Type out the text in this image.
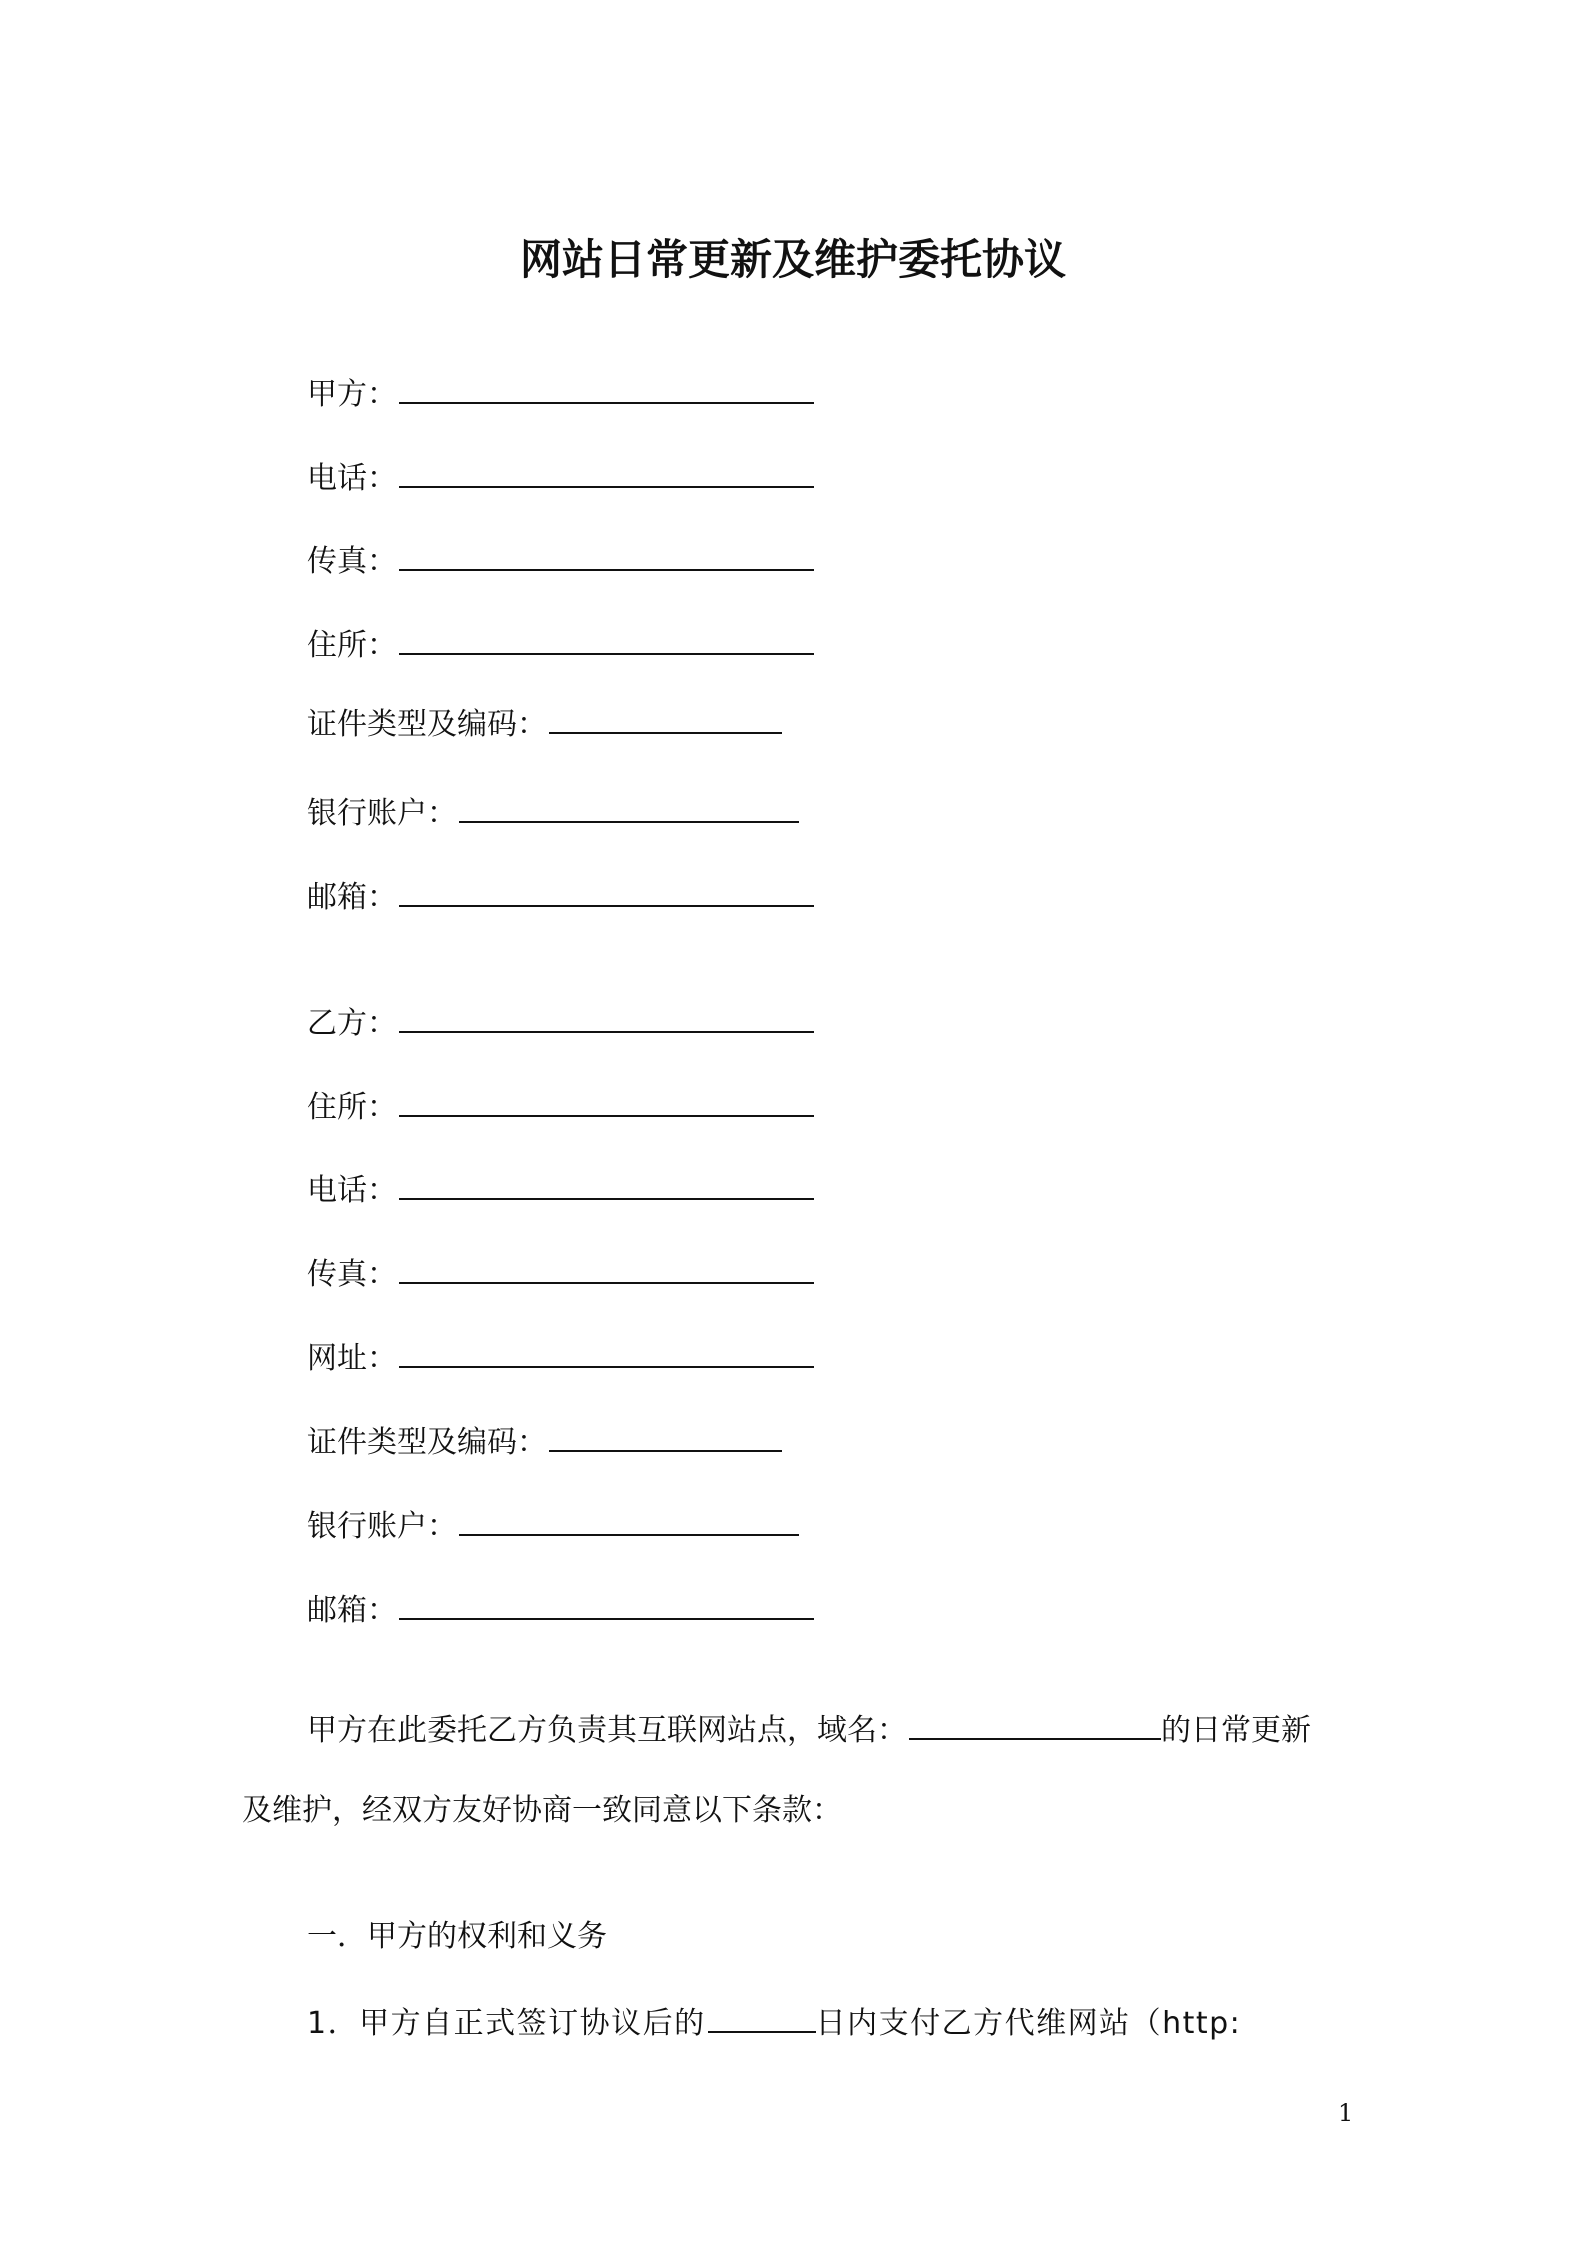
网站日常更新及维护委托协议
甲方：
电话：
传真：
住所：
证件类型及编码：
银行账户：
邮箱：
乙方：
住所：
电话：
传真：
网址：
证件类型及编码：
银行账户：
邮箱：
甲方在此委托乙方负责其互联网站点，域名：	的日常更新
及维护，经双方友好协商一致同意以下条款：
一．甲方的权利和义务
1．甲方自正式签订协议后的	日内支付乙方代维网站（http:
1
